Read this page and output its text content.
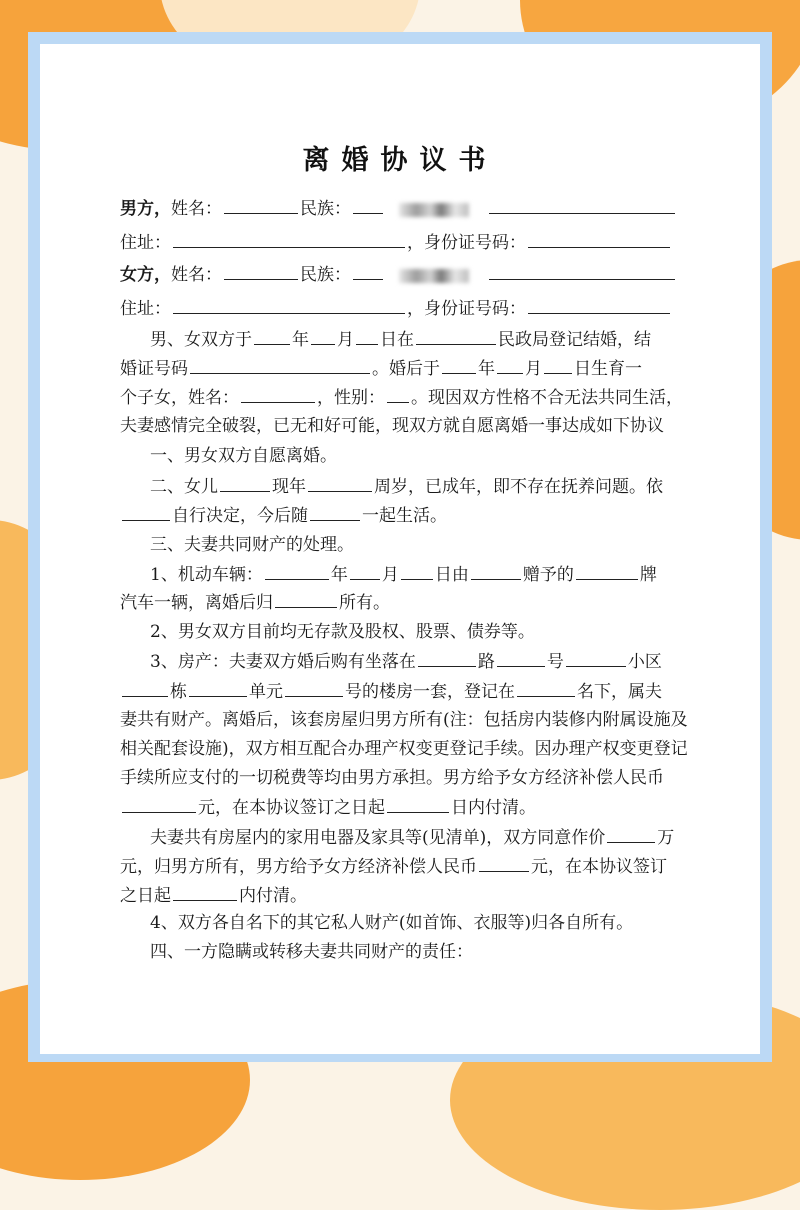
离婚协议书
男方，姓名：	民族：
住址：	，身份证号码：
女方，姓名：	民族：
住址：	，身份证号码：
男、女双方于 年 月 日在	民政局登记结婚，结
婚证号码	。婚后于 年 月 日生育一
个子女，姓名：	，性别： 。现因双方性格不合无法共同生活，
夫妻感情完全破裂，已无和好可能，现双方就自愿离婚一事达成如下协议
一、男女双方自愿离婚。
二、女儿	现年	周岁，已成年，即不存在抚养问题。依
自行决定，今后随	一起生活。
三、夫妻共同财产的处理。
1、机动车辆：	年 月 日由	赠予的	牌
汽车一辆，离婚后归	所有。
2、男女双方目前均无存款及股权、股票、债券等。
3、房产：夫妻双方婚后购有坐落在	路	号	小区
栋	单元	号的楼房一套，登记在	名下，属夫
妻共有财产。离婚后，该套房屋归男方所有(注：包括房内装修内附属设施及
相关配套设施)，双方相互配合办理产权变更登记手续。因办理产权变更登记
手续所应支付的一切税费等均由男方承担。男方给予女方经济补偿人民币
元，在本协议签订之日起	日内付清。
夫妻共有房屋内的家用电器及家具等(见清单)，双方同意作价	万
元，归男方所有，男方给予女方经济补偿人民币	元，在本协议签订
之日起	内付清。
4、双方各自名下的其它私人财产(如首饰、衣服等)归各自所有。
四、一方隐瞒或转移夫妻共同财产的责任：
